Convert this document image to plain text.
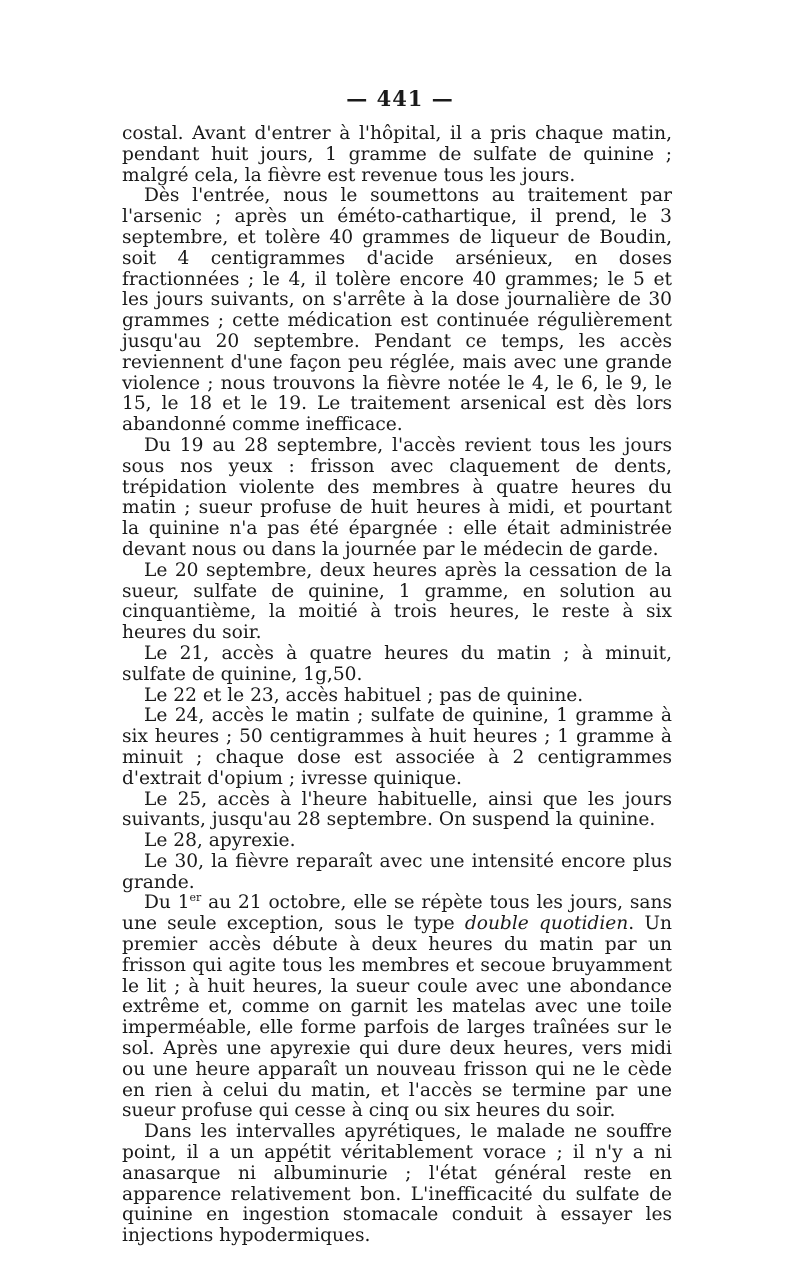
— 441 —

costal. Avant d'entrer à l'hôpital, il a pris chaque matin, pendant huit jours, 1 gramme de sulfate de quinine ; malgré cela, la fièvre est revenue tous les jours.

Dès l'entrée, nous le soumettons au traitement par l'arsenic ; après un éméto-cathartique, il prend, le 3 septembre, et tolère 40 grammes de liqueur de Boudin, soit 4 centigrammes d'acide arsénieux, en doses fractionnées ; le 4, il tolère encore 40 grammes; le 5 et les jours suivants, on s'arrête à la dose journalière de 30 grammes ; cette médication est continuée régulièrement jusqu'au 20 septembre. Pendant ce temps, les accès reviennent d'une façon peu réglée, mais avec une grande violence ; nous trouvons la fièvre notée le 4, le 6, le 9, le 15, le 18 et le 19. Le traitement arsenical est dès lors abandonné comme inefficace.

Du 19 au 28 septembre, l'accès revient tous les jours sous nos yeux : frisson avec claquement de dents, trépidation violente des membres à quatre heures du matin ; sueur profuse de huit heures à midi, et pourtant la quinine n'a pas été épargnée : elle était administrée devant nous ou dans la journée par le médecin de garde.

Le 20 septembre, deux heures après la cessation de la sueur, sulfate de quinine, 1 gramme, en solution au cinquantième, la moitié à trois heures, le reste à six heures du soir.

Le 21, accès à quatre heures du matin ; à minuit, sulfate de quinine, 1g,50.

Le 22 et le 23, accès habituel ; pas de quinine.

Le 24, accès le matin ; sulfate de quinine, 1 gramme à six heures ; 50 centigrammes à huit heures ; 1 gramme à minuit ; chaque dose est associée à 2 centigrammes d'extrait d'opium ; ivresse quinique.

Le 25, accès à l'heure habituelle, ainsi que les jours suivants, jusqu'au 28 septembre. On suspend la quinine.

Le 28, apyrexie.

Le 30, la fièvre reparaît avec une intensité encore plus grande.

Du 1er au 21 octobre, elle se répète tous les jours, sans une seule exception, sous le type double quotidien. Un premier accès débute à deux heures du matin par un frisson qui agite tous les membres et secoue bruyamment le lit ; à huit heures, la sueur coule avec une abondance extrême et, comme on garnit les matelas avec une toile imperméable, elle forme parfois de larges traînées sur le sol. Après une apyrexie qui dure deux heures, vers midi ou une heure apparaît un nouveau frisson qui ne le cède en rien à celui du matin, et l'accès se termine par une sueur profuse qui cesse à cinq ou six heures du soir.

Dans les intervalles apyrétiques, le malade ne souffre point, il a un appétit véritablement vorace ; il n'y a ni anasarque ni albuminurie ; l'état général reste en apparence relativement bon. L'inefficacité du sulfate de quinine en ingestion stomacale conduit à essayer les injections hypodermiques.
